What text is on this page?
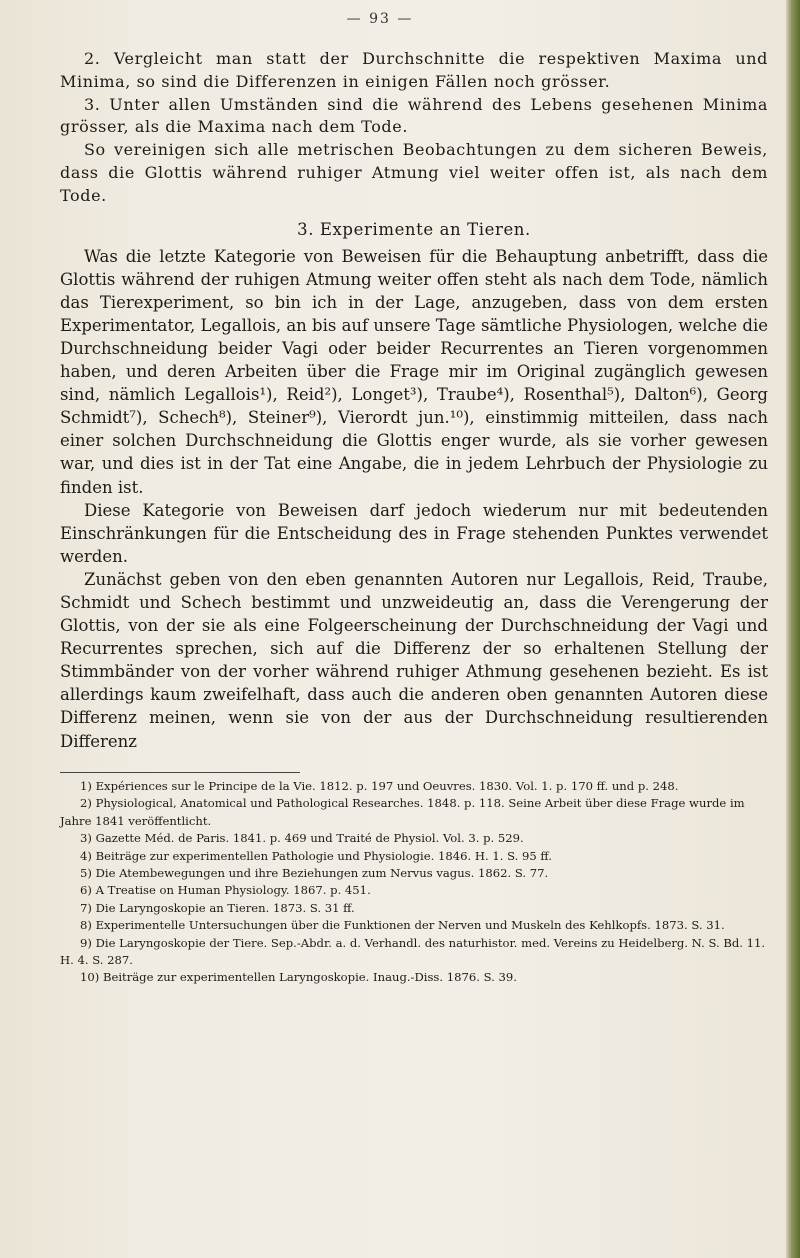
— 93 —

2. Vergleicht man statt der Durchschnitte die respektiven Maxima und Minima, so sind die Differenzen in einigen Fällen noch grösser.

3. Unter allen Umständen sind die während des Lebens gesehenen Minima grösser, als die Maxima nach dem Tode.

So vereinigen sich alle metrischen Beobachtungen zu dem sicheren Beweis, dass die Glottis während ruhiger Atmung viel weiter offen ist, als nach dem Tode.

3. Experimente an Tieren.

Was die letzte Kategorie von Beweisen für die Behauptung anbetrifft, dass die Glottis während der ruhigen Atmung weiter offen steht als nach dem Tode, nämlich das Tierexperiment, so bin ich in der Lage, anzugeben, dass von dem ersten Experimentator, Legallois, an bis auf unsere Tage sämtliche Physiologen, welche die Durchschneidung beider Vagi oder beider Recurrentes an Tieren vorgenommen haben, und deren Arbeiten über die Frage mir im Original zugänglich gewesen sind, nämlich Legallois¹), Reid²), Longet³), Traube⁴), Rosenthal⁵), Dalton⁶), Georg Schmidt⁷), Schech⁸), Steiner⁹), Vierordt jun.¹⁰), einstimmig mitteilen, dass nach einer solchen Durchschneidung die Glottis enger wurde, als sie vorher gewesen war, und dies ist in der Tat eine Angabe, die in jedem Lehrbuch der Physiologie zu finden ist.

Diese Kategorie von Beweisen darf jedoch wiederum nur mit bedeutenden Einschränkungen für die Entscheidung des in Frage stehenden Punktes verwendet werden.

Zunächst geben von den eben genannten Autoren nur Legallois, Reid, Traube, Schmidt und Schech bestimmt und unzweideutig an, dass die Verengerung der Glottis, von der sie als eine Folgeerscheinung der Durchschneidung der Vagi und Recurrentes sprechen, sich auf die Differenz der so erhaltenen Stellung der Stimmbänder von der vorher während ruhiger Athmung gesehenen bezieht. Es ist allerdings kaum zweifelhaft, dass auch die anderen oben genannten Autoren diese Differenz meinen, wenn sie von der aus der Durchschneidung resultierenden Differenz

1) Expériences sur le Principe de la Vie. 1812. p. 197 und Oeuvres. 1830. Vol. 1. p. 170 ff. und p. 248.

2) Physiological, Anatomical und Pathological Researches. 1848. p. 118. Seine Arbeit über diese Frage wurde im Jahre 1841 veröffentlicht.

3) Gazette Méd. de Paris. 1841. p. 469 und Traité de Physiol. Vol. 3. p. 529.

4) Beiträge zur experimentellen Pathologie und Physiologie. 1846. H. 1. S. 95 ff.

5) Die Atembewegungen und ihre Beziehungen zum Nervus vagus. 1862. S. 77.

6) A Treatise on Human Physiology. 1867. p. 451.

7) Die Laryngoskopie an Tieren. 1873. S. 31 ff.

8) Experimentelle Untersuchungen über die Funktionen der Nerven und Muskeln des Kehlkopfs. 1873. S. 31.

9) Die Laryngoskopie der Tiere. Sep.-Abdr. a. d. Verhandl. des naturhistor. med. Vereins zu Heidelberg. N. S. Bd. 11. H. 4. S. 287.

10) Beiträge zur experimentellen Laryngoskopie. Inaug.-Diss. 1876. S. 39.
